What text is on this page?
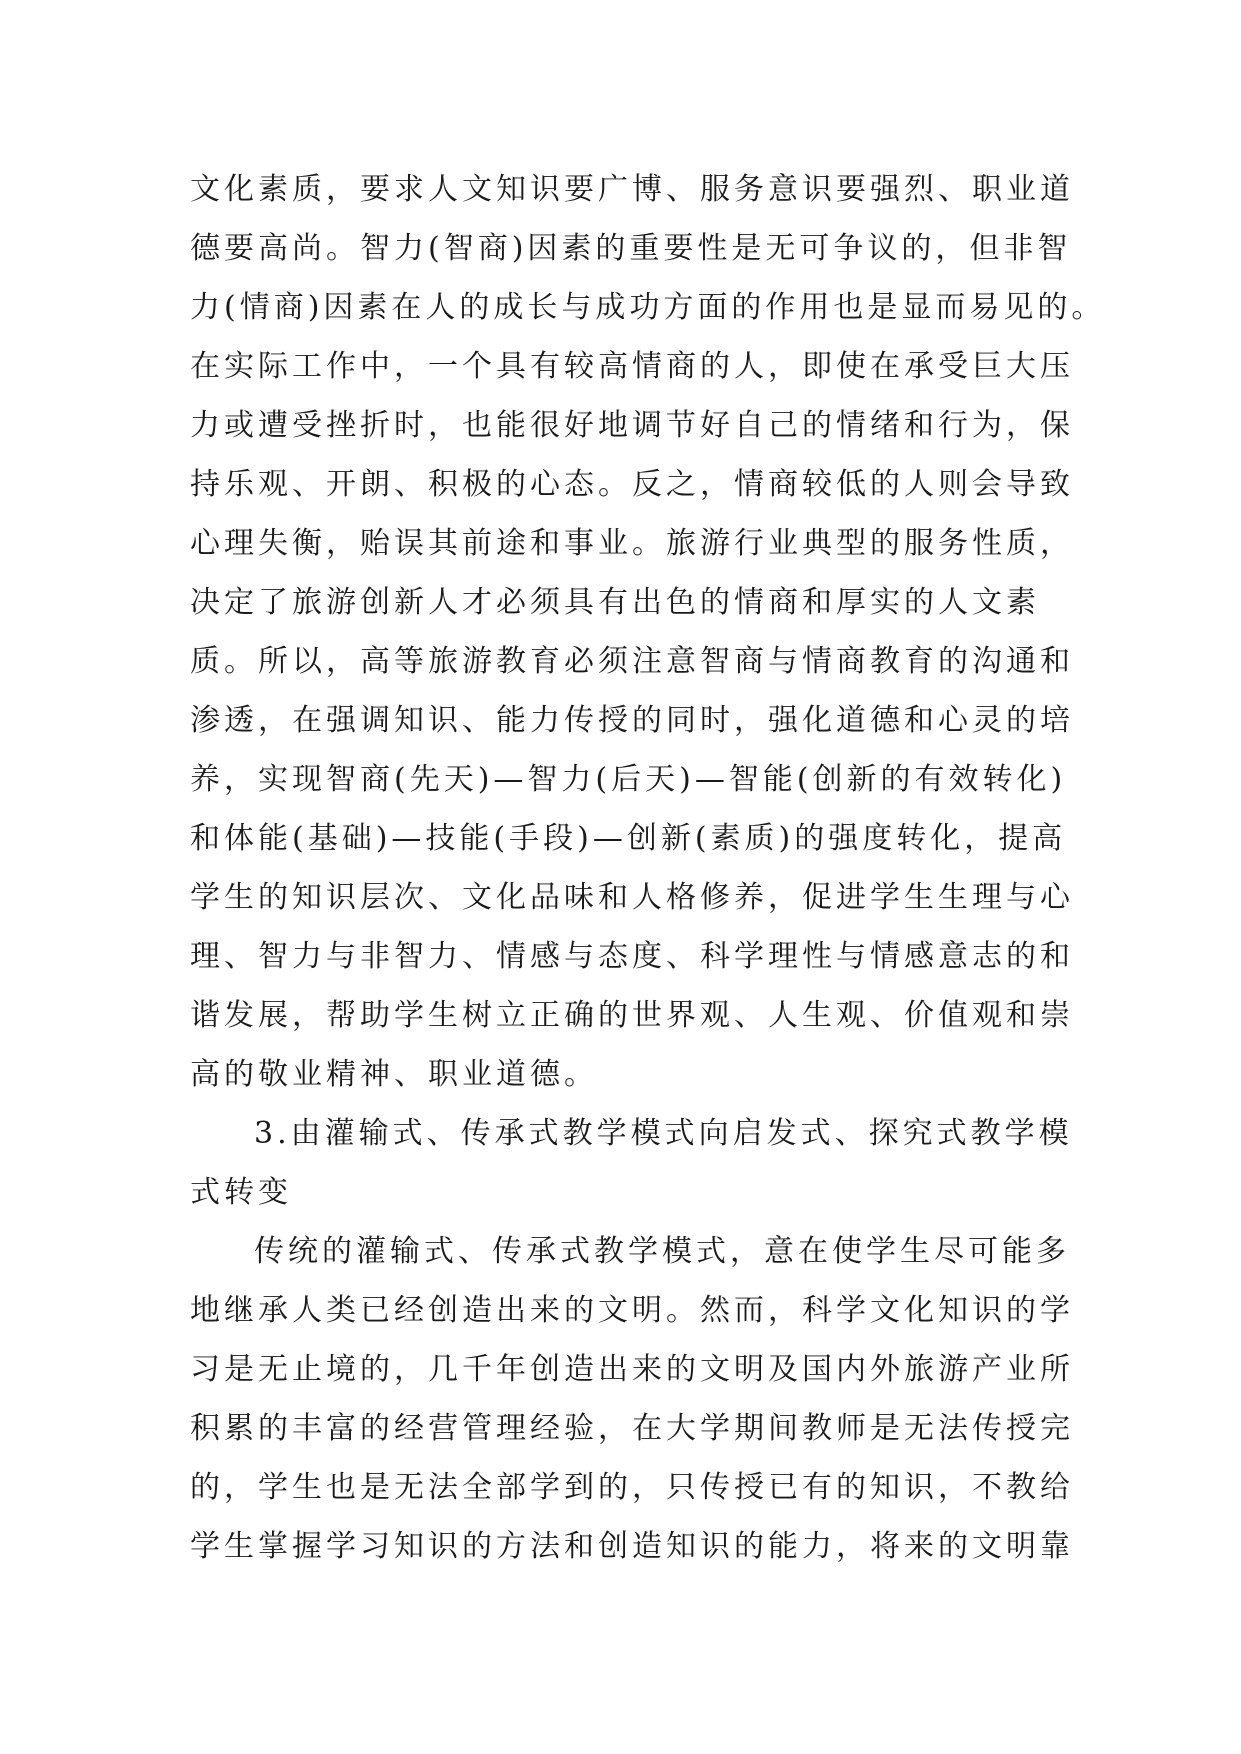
文化素质，要求人文知识要广博、服务意识要强烈、职业道
德要高尚。智力(智商)因素的重要性是无可争议的，但非智
力(情商)因素在人的成长与成功方面的作用也是显而易见的。
在实际工作中，一个具有较高情商的人，即使在承受巨大压
力或遭受挫折时，也能很好地调节好自己的情绪和行为，保
持乐观、开朗、积极的心态。反之，情商较低的人则会导致
心理失衡，贻误其前途和事业。旅游行业典型的服务性质，
决定了旅游创新人才必须具有出色的情商和厚实的人文素
质。所以，高等旅游教育必须注意智商与情商教育的沟通和
渗透，在强调知识、能力传授的同时，强化道德和心灵的培
养，实现智商(先天)—智力(后天)—智能(创新的有效转化)
和体能(基础)—技能(手段)—创新(素质)的强度转化，提高
学生的知识层次、文化品味和人格修养，促进学生生理与心
理、智力与非智力、情感与态度、科学理性与情感意志的和
谐发展，帮助学生树立正确的世界观、人生观、价值观和崇
高的敬业精神、职业道德。
3.由灌输式、传承式教学模式向启发式、探究式教学模
式转变
传统的灌输式、传承式教学模式，意在使学生尽可能多
地继承人类已经创造出来的文明。然而，科学文化知识的学
习是无止境的，几千年创造出来的文明及国内外旅游产业所
积累的丰富的经营管理经验，在大学期间教师是无法传授完
的，学生也是无法全部学到的，只传授已有的知识，不教给
学生掌握学习知识的方法和创造知识的能力，将来的文明靠
